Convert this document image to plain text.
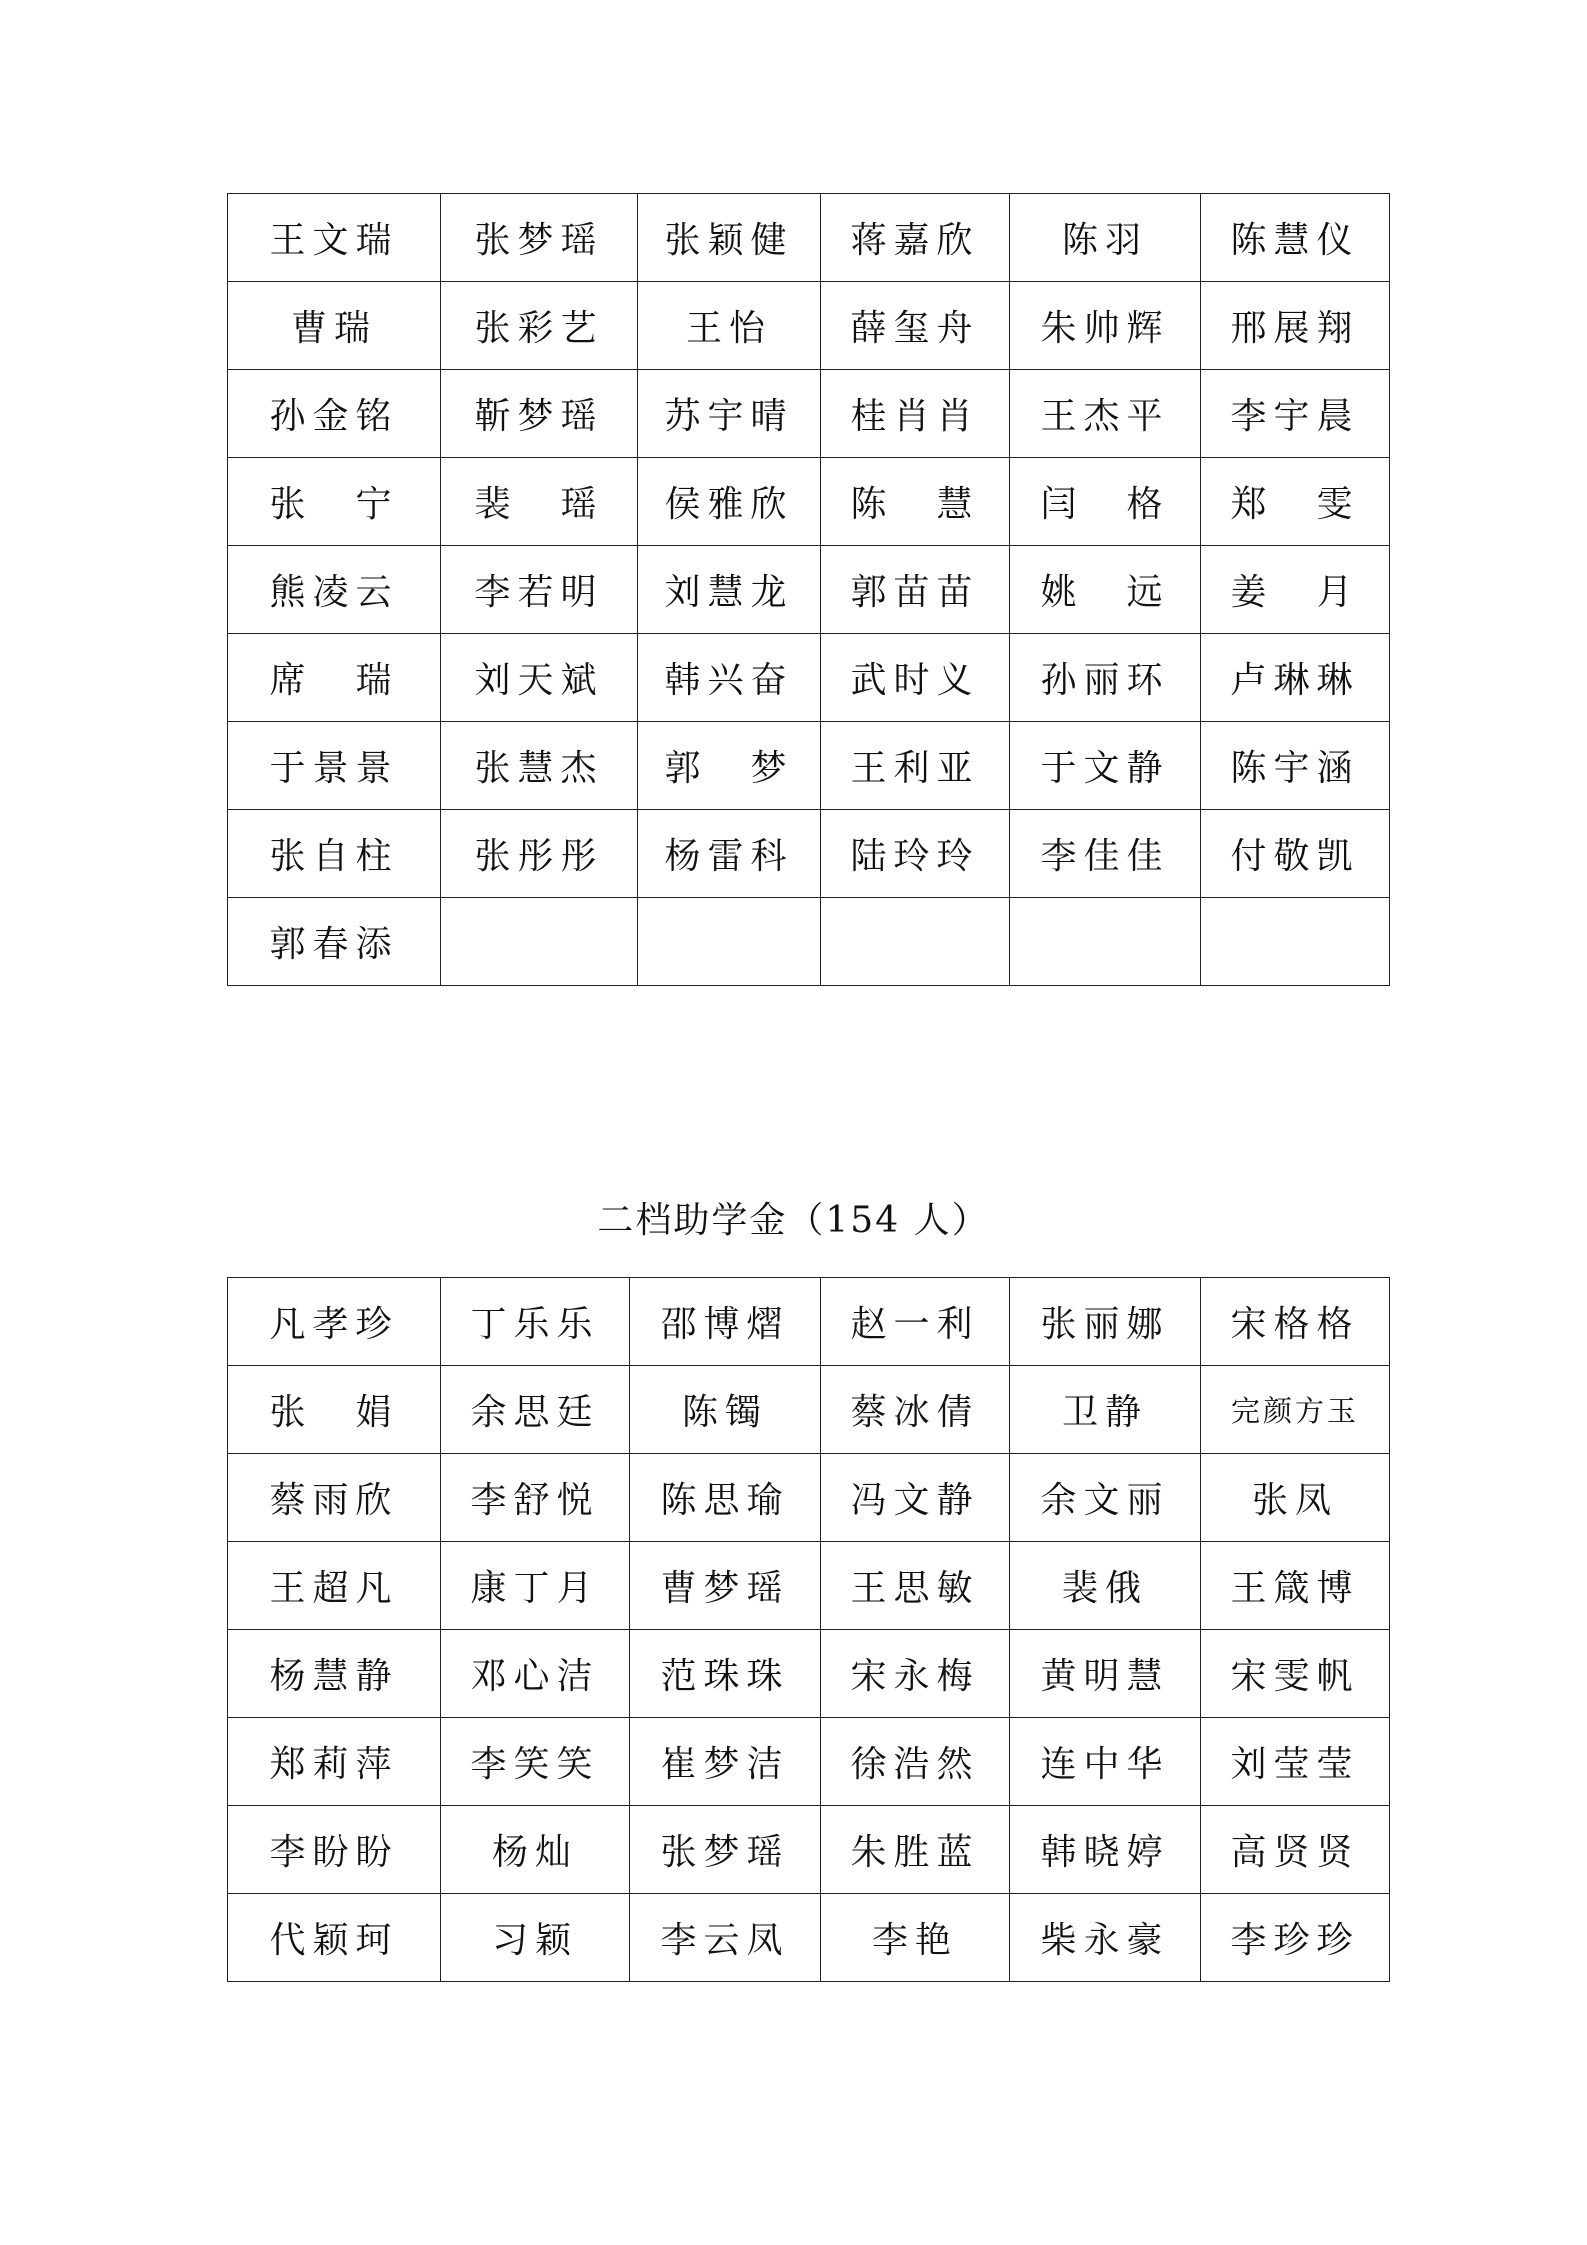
王文瑞	张梦瑶	张颖健	蒋嘉欣	陈羽	陈慧仪
曹瑞	张彩艺	王怡	薛玺舟	朱帅辉	邢展翔
孙金铭	靳梦瑶	苏宇晴	桂肖肖	王杰平	李宇晨
张　宁	裴　瑶	侯雅欣	陈　慧	闫　格	郑　雯
熊凌云	李若明	刘慧龙	郭苗苗	姚　远	姜　月
席　瑞	刘天斌	韩兴奋	武时义	孙丽环	卢琳琳
于景景	张慧杰	郭　梦	王利亚	于文静	陈宇涵
张自柱	张彤彤	杨雷科	陆玲玲	李佳佳	付敬凯
郭春添					
二档助学金（154 人）
凡孝珍	丁乐乐	邵博熠	赵一利	张丽娜	宋格格
张　娟	余思廷	陈镯	蔡冰倩	卫静	完颜方玉
蔡雨欣	李舒悦	陈思瑜	冯文静	余文丽	张凤
王超凡	康丁月	曹梦瑶	王思敏	裴俄	王箴博
杨慧静	邓心洁	范珠珠	宋永梅	黄明慧	宋雯帆
郑莉萍	李笑笑	崔梦洁	徐浩然	连中华	刘莹莹
李盼盼	杨灿	张梦瑶	朱胜蓝	韩晓婷	高贤贤
代颖珂	习颖	李云凤	李艳	柴永豪	李珍珍
